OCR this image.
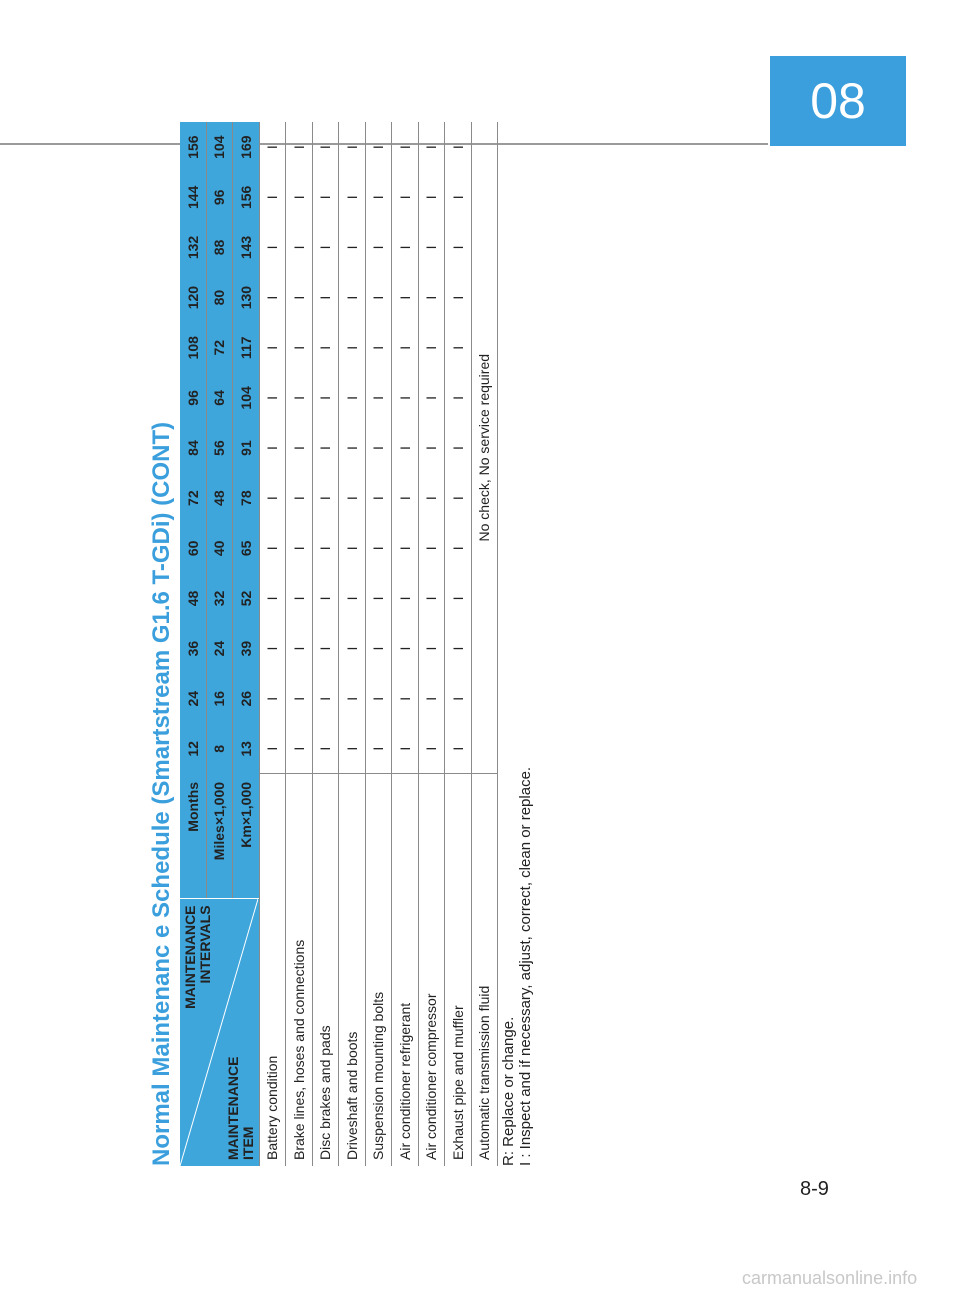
08
Normal Maintenanc e Schedule (Smartstream G1.6 T-GDi) (CONT) MAINTENANCE
INTERVALS
MAINTENANCE
ITEM	Months	12	24	36	48	60	72	84	96	108	120	132	144	156
	Miles×1,000	8	16	24	32	40	48	56	64	72	80	88	96	104
	Km×1,000	13	26	39	52	65	78	91	104	117	130	143	156	169
Battery condition		I	I	I	I	I	I	I	I	I	I	I	I	I
Brake lines, hoses and connections		I	I	I	I	I	I	I	I	I	I	I	I	I
Disc brakes and pads		I	I	I	I	I	I	I	I	I	I	I	I	I
Driveshaft and boots		I	I	I	I	I	I	I	I	I	I	I	I	I
Suspension mounting bolts		I	I	I	I	I	I	I	I	I	I	I	I	I
Air conditioner refrigerant		I	I	I	I	I	I	I	I	I	I	I	I	I
Air conditioner compressor		I	I	I	I	I	I	I	I	I	I	I	I	I
Exhaust pipe and muffler		I	I	I	I	I	I	I	I	I	I	I	I	I
Automatic transmission fluid		No check, No service required												
R: Replace or change. I : Inspect and if necessary, adjust, correct, clean or replace.
8-9
carmanualsonline.info
